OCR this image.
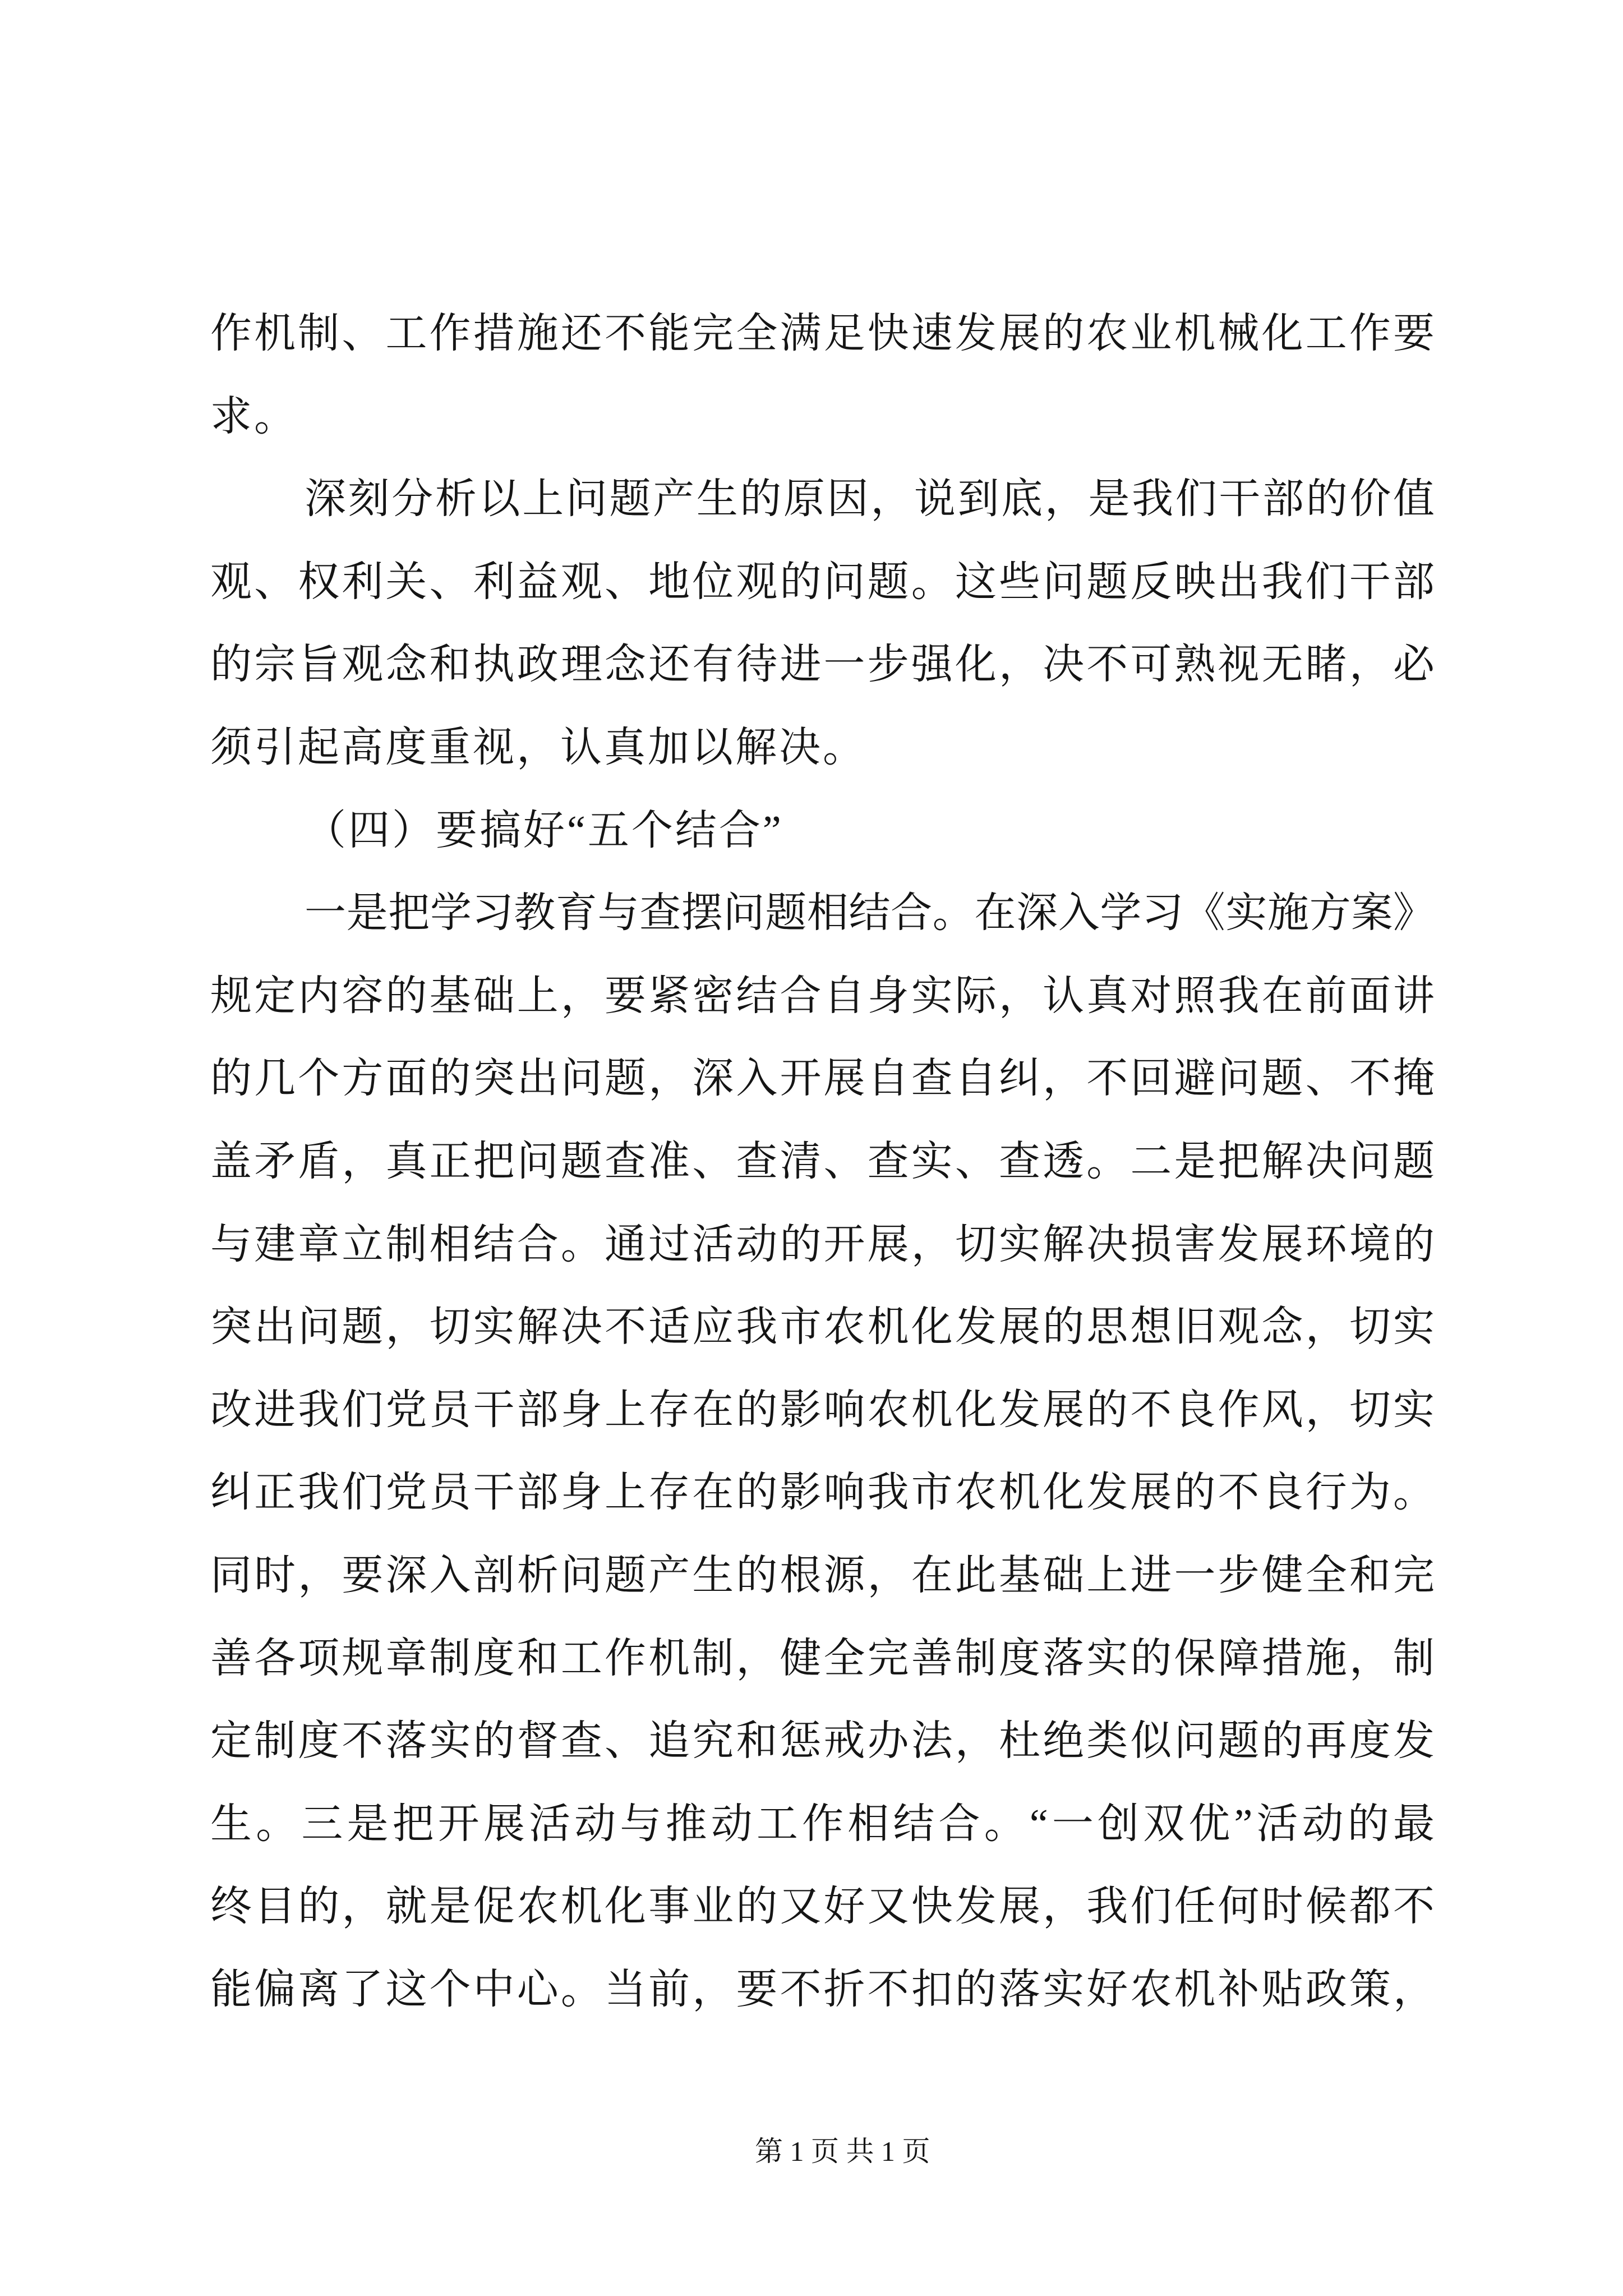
作机制、工作措施还不能完全满足快速发展的农业机械化工作要
求。
深刻分析以上问题产生的原因，说到底，是我们干部的价值
观、权利关、利益观、地位观的问题。这些问题反映出我们干部
的宗旨观念和执政理念还有待进一步强化，决不可熟视无睹，必
须引起高度重视，认真加以解决。
（四）要搞好“五个结合”
一是把学习教育与查摆问题相结合。在深入学习《实施方案》
规定内容的基础上，要紧密结合自身实际，认真对照我在前面讲
的几个方面的突出问题，深入开展自查自纠，不回避问题、不掩
盖矛盾，真正把问题查准、查清、查实、查透。二是把解决问题
与建章立制相结合。通过活动的开展，切实解决损害发展环境的
突出问题，切实解决不适应我市农机化发展的思想旧观念，切实
改进我们党员干部身上存在的影响农机化发展的不良作风，切实
纠正我们党员干部身上存在的影响我市农机化发展的不良行为。
同时，要深入剖析问题产生的根源，在此基础上进一步健全和完
善各项规章制度和工作机制，健全完善制度落实的保障措施，制
定制度不落实的督查、追究和惩戒办法，杜绝类似问题的再度发
生。三是把开展活动与推动工作相结合。“一创双优”活动的最
终目的，就是促农机化事业的又好又快发展，我们任何时候都不
能偏离了这个中心。当前，要不折不扣的落实好农机补贴政策，
第 1 页 共 1 页
